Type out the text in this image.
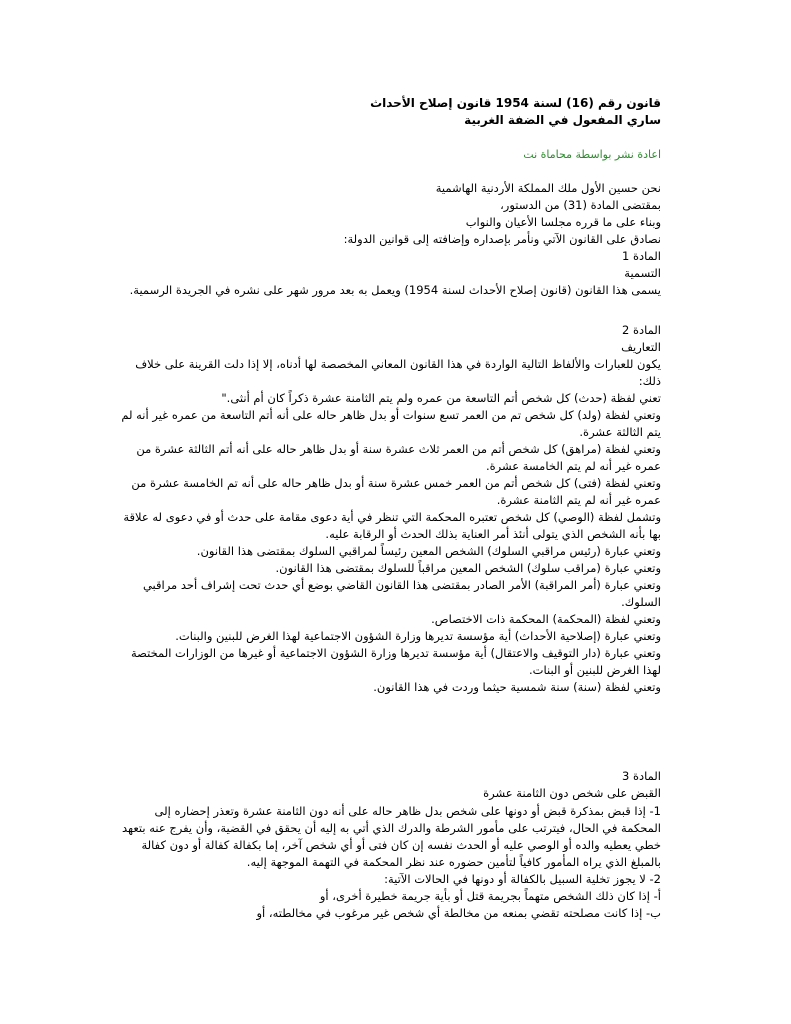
قانون رقم (16) لسنة 1954 قانون إصلاح الأحداث
ساري المفعول في الضفة الغربية
اعادة نشر بواسطة محاماة نت
نحن حسين الأول ملك المملكة الأردنية الهاشمية
بمقتضى المادة (31) من الدستور،
وبناء على ما قرره مجلسا الأعيان والنواب
نصادق على القانون الآتي ونأمر بإصداره وإضافته إلى قوانين الدولة:
المادة 1
التسمية
يسمى هذا القانون (قانون إصلاح الأحداث لسنة 1954) ويعمل به بعد مرور شهر على نشره في الجريدة الرسمية.
المادة 2
التعاريف
يكون للعبارات والألفاظ التالية الواردة في هذا القانون المعاني المخصصة لها أدناه، إلا إذا دلت القرينة على خلاف ذلك:
تعني لفظة (حدث) كل شخص أتم التاسعة من عمره ولم يتم الثامنة عشرة ذكراً كان أم أنثى."
وتعني لفظة (ولد) كل شخص تم من العمر تسع سنوات أو بدل ظاهر حاله على أنه أتم التاسعة من عمره غير أنه لم يتم الثالثة عشرة.
وتعني لفظة (مراهق) كل شخص أتم من العمر ثلاث عشرة سنة أو بدل ظاهر حاله على أنه أتم الثالثة عشرة من عمره غير أنه لم يتم الخامسة عشرة.
وتعني لفظة (فتى) كل شخص أتم من العمر خمس عشرة سنة أو بدل ظاهر حاله على أنه تم الخامسة عشرة من عمره غير أنه لم يتم الثامنة عشرة.
وتشمل لفظة (الوصي) كل شخص تعتبره المحكمة التي تنظر في أية دعوى مقامة على حدث أو في دعوى له علاقة بها بأنه الشخص الذي يتولى أنئذ أمر العناية بذلك الحدث أو الرقابة عليه.
وتعني عبارة (رئيس مراقبي السلوك) الشخص المعين رئيساً لمراقبي السلوك بمقتضى هذا القانون.
وتعني عبارة (مراقب سلوك) الشخص المعين مراقباً للسلوك بمقتضى هذا القانون.
وتعني عبارة (أمر المراقبة) الأمر الصادر بمقتضى هذا القانون القاضي بوضع أي حدث تحت إشراف أحد مراقبي السلوك.
وتعني لفظة (المحكمة) المحكمة ذات الاختصاص.
وتعني عبارة (إصلاحية الأحداث) أية مؤسسة تديرها وزارة الشؤون الاجتماعية لهذا الغرض للبنين والبنات.
وتعني عبارة (دار التوقيف والاعتقال) أية مؤسسة تديرها وزارة الشؤون الاجتماعية أو غيرها من الوزارات المختصة لهذا الغرض للبنين أو البنات.
وتعني لفظة (سنة) سنة شمسية حيثما وردت في هذا القانون.
المادة 3
القبض على شخص دون الثامنة عشرة
1- إذا قبض بمذكرة قبض أو دونها على شخص بدل ظاهر حاله على أنه دون الثامنة عشرة وتعذر إحضاره إلى المحكمة في الحال، فيترتب على مأمور الشرطة والدرك الذي أتي به إليه أن يحقق في القضية، وأن يفرج عنه بتعهد خطي يعطيه والده أو الوصي عليه أو الحدث نفسه إن كان فتى أو أي شخص آخر، إما بكفالة كفالة أو دون كفالة بالمبلغ الذي يراه المأمور كافياً لتأمين حضوره عند نظر المحكمة في التهمة الموجهة إليه.
2- لا يجوز تخلية السبيل بالكفالة أو دونها في الحالات الآتية:
أ- إذا كان ذلك الشخص متهماً بجريمة قتل أو بأية جريمة خطيرة أخرى، أو
ب- إذا كانت مصلحته تقضي بمنعه من مخالطة أي شخص غير مرغوب في مخالطته، أو
